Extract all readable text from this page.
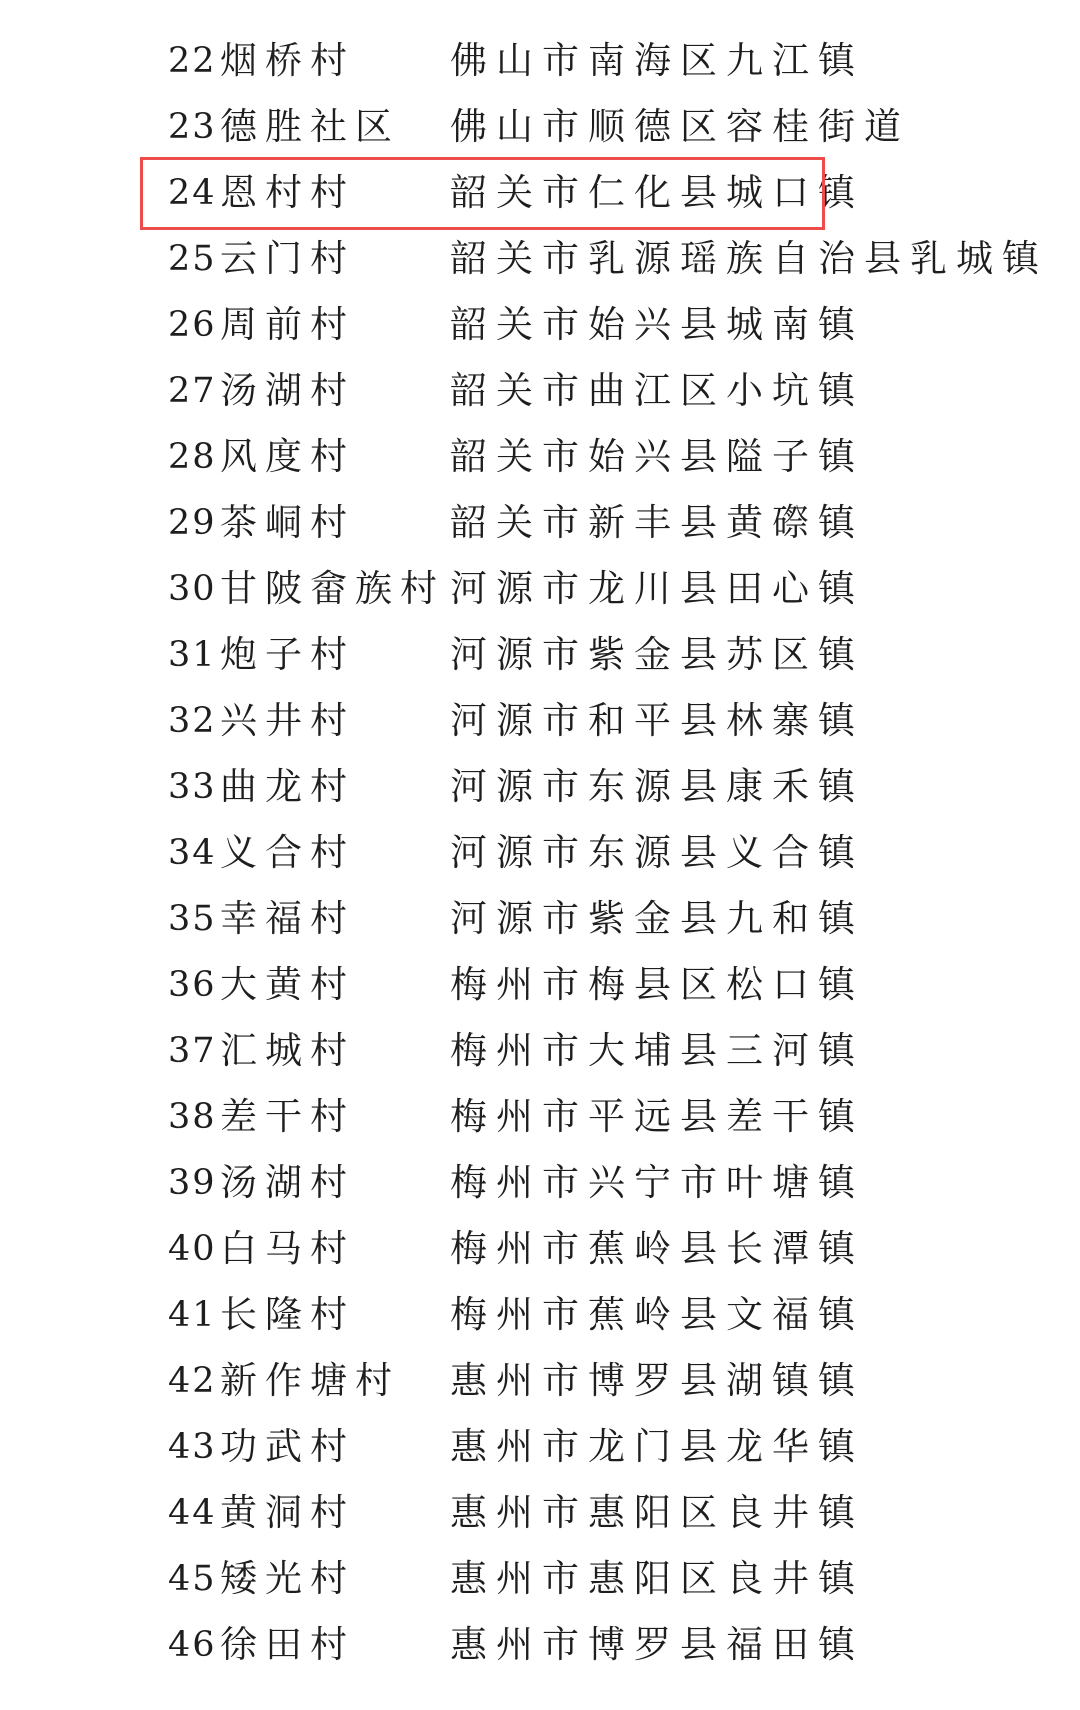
22 烟桥村	佛山市南海区九江镇
23 德胜社区 佛山市顺德区容桂街道
24 恩村村	韶关市仁化县城口镇
25 云门村	韶关市乳源瑶族自治县乳城镇
26 周前村	韶关市始兴县城南镇
27 汤湖村	韶关市曲江区小坑镇
28 风度村	韶关市始兴县隘子镇
29 茶峒村	韶关市新丰县黄磜镇
30 甘陂畲族村 河源市龙川县田心镇
31 炮子村	河源市紫金县苏区镇
32 兴井村	河源市和平县林寨镇
33 曲龙村	河源市东源县康禾镇
34 义合村	河源市东源县义合镇
35 幸福村	河源市紫金县九和镇
36 大黄村	梅州市梅县区松口镇
37 汇城村	梅州市大埔县三河镇
38 差干村	梅州市平远县差干镇
39 汤湖村	梅州市兴宁市叶塘镇
40 白马村	梅州市蕉岭县长潭镇
41 长隆村	梅州市蕉岭县文福镇
42 新作塘村 惠州市博罗县湖镇镇
43 功武村	惠州市龙门县龙华镇
44 黄洞村	惠州市惠阳区良井镇
45 矮光村	惠州市惠阳区良井镇
46 徐田村	惠州市博罗县福田镇
